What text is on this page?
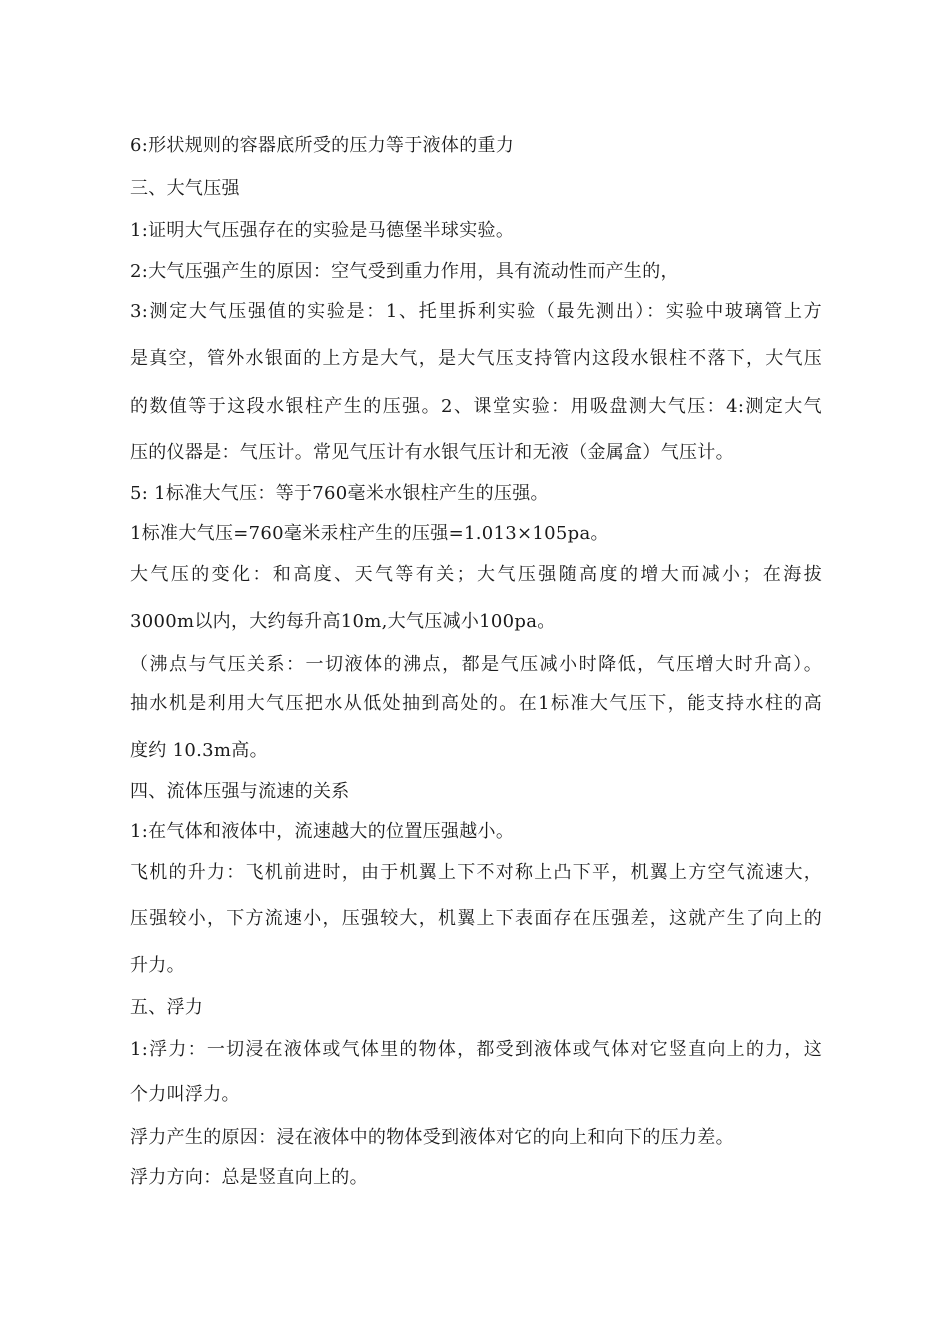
6:形状规则的容器底所受的压力等于液体的重力
三、大气压强
1:证明大气压强存在的实验是马德堡半球实验。
2:大气压强产生的原因：空气受到重力作用，具有流动性而产生的，
3:测定大气压强值的实验是：1、托里拆利实验（最先测出）：实验中玻璃管上方
是真空，管外水银面的上方是大气，是大气压支持管内这段水银柱不落下，大气压
的数值等于这段水银柱产生的压强。2、课堂实验：用吸盘测大气压：4:测定大气
压的仪器是：气压计。常见气压计有水银气压计和无液（金属盒）气压计。
5: 1标准大气压：等于760毫米水银柱产生的压强。
1标准大气压=760毫米汞柱产生的压强=1.013×105pa。
大气压的变化：和高度、天气等有关；大气压强随高度的增大而减小；在海拔
3000m以内，大约每升高10m,大气压减小100pa。
（沸点与气压关系：一切液体的沸点，都是气压减小时降低，气压增大时升高）。
抽水机是利用大气压把水从低处抽到高处的。在1标准大气压下，能支持水柱的高
度约 10.3m高。
四、流体压强与流速的关系
1:在气体和液体中，流速越大的位置压强越小。
飞机的升力：飞机前进时，由于机翼上下不对称上凸下平，机翼上方空气流速大，
压强较小，下方流速小，压强较大，机翼上下表面存在压强差，这就产生了向上的
升力。
五、浮力
1:浮力：一切浸在液体或气体里的物体，都受到液体或气体对它竖直向上的力，这
个力叫浮力。
浮力产生的原因：浸在液体中的物体受到液体对它的向上和向下的压力差。
浮力方向：总是竖直向上的。
